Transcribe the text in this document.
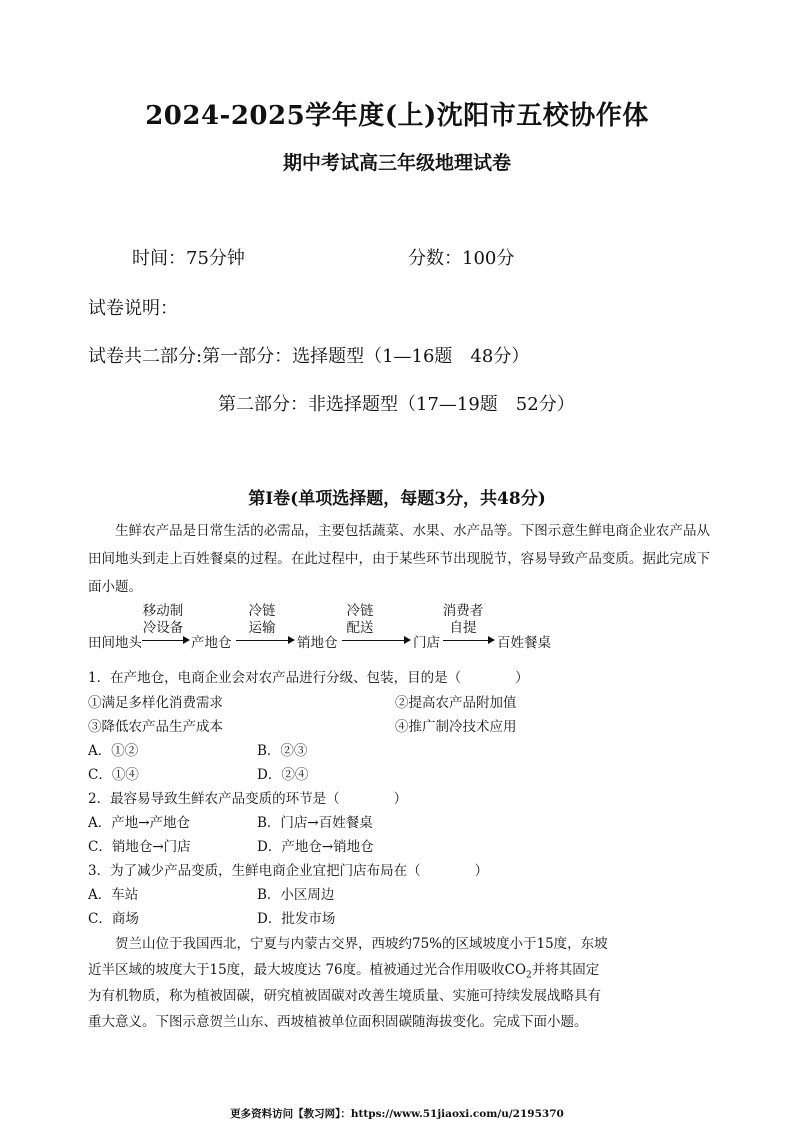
2024-2025学年度(上)沈阳市五校协作体
期中考试高三年级地理试卷
时间：75分钟	分数：100分
试卷说明：
试卷共二部分:第一部分：选择题型（1—16题　48分）
第二部分：非选择题型（17—19题　52分）
第Ⅰ卷(单项选择题，每题3分，共48分)
生鲜农产品是日常生活的必需品，主要包括蔬菜、水果、水产品等。下图示意生鲜电商企业农产品从田间地头到走上百姓餐桌的过程。在此过程中，由于某些环节出现脱节，容易导致产品变质。据此完成下面小题。
田间地头	产地仓	销地仓	门店	百姓餐桌
移动制
冷设备
冷链
运输
冷链
配送
消费者
自提
1．在产地仓，电商企业会对农产品进行分级、包装，目的是（　　　　）
①满足多样化消费需求	②提高农产品附加值
③降低农产品生产成本	④推广制冷技术应用
A．①②	B．②③
C．①④	D．②④
2．最容易导致生鲜农产品变质的环节是（　　　　）
A．产地→产地仓	B．门店→百姓餐桌
C．销地仓→门店	D．产地仓→销地仓
3．为了减少产品变质，生鲜电商企业宜把门店布局在（　　　　）
A．车站	B．小区周边
C．商场	D．批发市场
贺兰山位于我国西北，宁夏与内蒙古交界，西坡约75%的区域坡度小于15度，东坡
近半区域的坡度大于15度，最大坡度达 76度。植被通过光合作用吸收$CO_2$并将其固定
为有机物质，称为植被固碳，研究植被固碳对改善生境质量、实施可持续发展战略具有
重大意义。下图示意贺兰山东、西坡植被单位面积固碳随海拔变化。完成下面小题。
更多资料访问【教习网】：https://www.51jiaoxi.com/u/2195370
